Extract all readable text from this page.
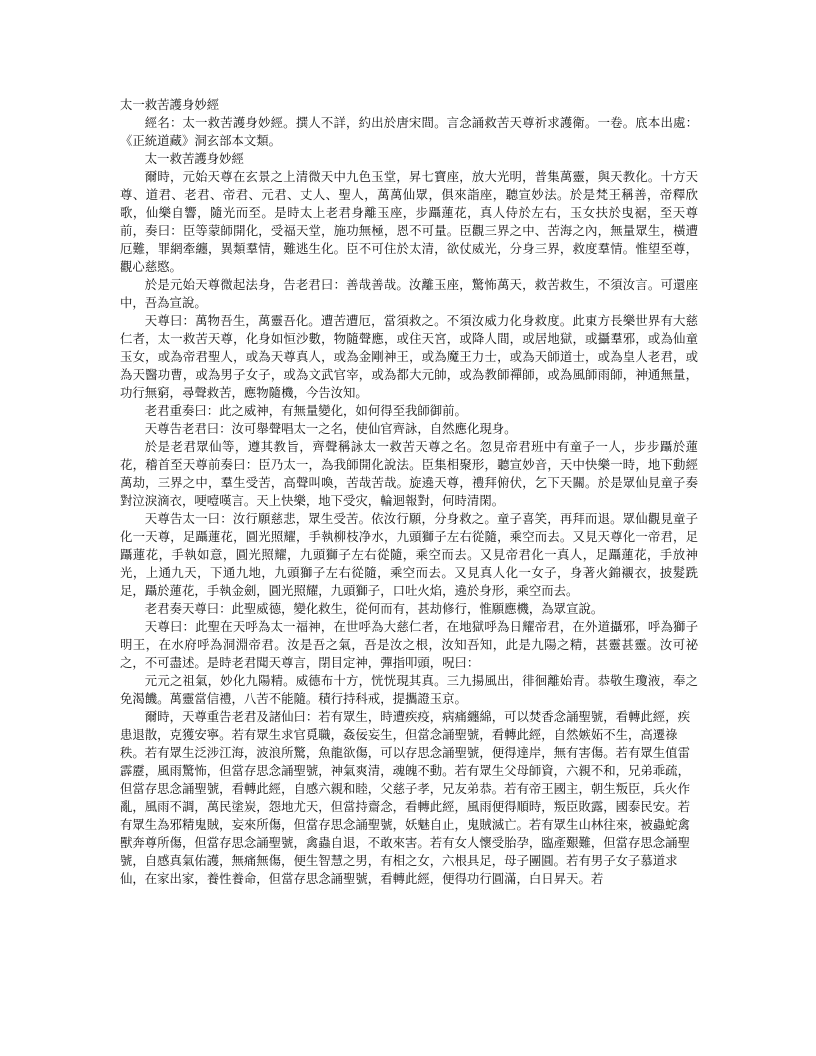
太一救苦護身妙經

經名：太一救苦護身妙經。撰人不詳，約出於唐宋間。言念誦救苦天尊祈求護衛。一卷。底本出處：《正統道藏》洞玄部本文類。

太一救苦護身妙經

爾時，元始天尊在玄景之上清微天中九色玉堂，昇七寶座，放大光明，普集萬靈，與天教化。十方天尊、道君、老君、帝君、元君、丈人、聖人，萬萬仙眾，俱來詣座，聽宣妙法。於是梵王稱善，帝釋欣歌，仙樂自響，隨光而至。是時太上老君身離玉座，步躡蓮花，真人侍於左右，玉女扶於曳裾，至天尊前，奏曰：臣等蒙師開化，受福天堂，施功無極，恩不可量。臣觀三界之中、苦海之內，無量眾生，橫遭厄難，罪網牽纏，異類羣情，難逃生化。臣不可住於太清，欲仗威光，分身三界，救度羣情。惟望至尊，觀心慈愍。

於是元始天尊微起法身，告老君曰：善哉善哉。汝離玉座，驚怖萬天，救苦救生，不須汝言。可還座中，吾為宣說。

天尊曰：萬物吾生，萬靈吾化。遭苦遭厄，當須救之。不須汝威力化身救度。此東方長樂世界有大慈仁者，太一救苦天尊，化身如恒沙數，物隨聲應，或住天宮，或降人間，或居地獄，或攝羣邪，或為仙童玉女，或為帝君聖人，或為天尊真人，或為金剛神王，或為魔王力士，或為天師道士，或為皇人老君，或為天醫功曹，或為男子女子，或為文武官宰，或為都大元帥，或為教師禪師，或為風師雨師，神通無量，功行無窮，尋聲救苦，應物隨機，今告汝知。

老君重奏曰：此之威神，有無量變化，如何得至我師御前。

天尊告老君曰：汝可舉聲唱太一之名，使仙官齊詠，自然應化現身。

於是老君眾仙等，遵其教旨，齊聲稱詠太一救苦天尊之名。忽見帝君班中有童子一人，步步躡於蓮花，稽首至天尊前奏曰：臣乃太一，為我師開化說法。臣集相聚形，聽宣妙音，天中快樂一時，地下動經萬劫，三界之中，羣生受苦，高聲叫喚，苦哉苦哉。旋遶天尊，禮拜俯伏，乞下天關。於是眾仙見童子奏對泣淚滴衣，哽噎嘆言。天上快樂，地下受灾，輪迴報對，何時清閑。

天尊告太一曰：汝行願慈悲，眾生受苦。依汝行願，分身救之。童子喜笑，再拜而退。眾仙觀見童子化一天尊，足躡蓮花，圓光照耀，手執柳枝净水，九頭獅子左右從隨，乘空而去。又見天尊化一帝君，足躡蓮花，手執如意，圓光照耀，九頭獅子左右從隨，乘空而去。又見帝君化一真人，足躡蓮花，手放神光，上通九天，下通九地，九頭獅子左右從隨，乘空而去。又見真人化一女子，身著火錦襯衣，披髮跣足，躡於蓮花，手執金劍，圓光照耀，九頭獅子，口吐火焰，遶於身形，乘空而去。

老君奏天尊曰：此聖威德，變化救生，從何而有，甚劫修行，惟願應機，為眾宣說。

天尊曰：此聖在天呼為太一福神，在世呼為大慈仁者，在地獄呼為日耀帝君，在外道攝邪，呼為獅子明王，在水府呼為洞淵帝君。汝是吾之氣，吾是汝之根，汝知吾知，此是九陽之精，甚靈甚靈。汝可祕之，不可盡述。是時老君聞天尊言，閉目定神，彈指叩頭，呪曰：

元元之祖氣，妙化九陽精。威德布十方，恍恍現其真。三九揚風出，徘徊離始青。恭敬生瓊液，奉之免渴饑。萬靈當信禮，八苦不能隨。積行持科戒，提攜證玉京。

爾時，天尊重告老君及諸仙曰：若有眾生，時遭疾疫，病痛纏綿，可以焚香念誦聖號，看轉此經，疾患退散，克獲安寧。若有眾生求官覓職，姦佞妄生，但當念誦聖號，看轉此經，自然嫉妬不生，高遷祿秩。若有眾生泛涉江海，波浪所驚，魚龍欲傷，可以存思念誦聖號，便得達岸，無有害傷。若有眾生值雷霹靂，風雨驚怖，但當存思念誦聖號，神氣爽清，魂魄不動。若有眾生父母師資，六親不和，兄弟乖疏，但當存思念誦聖號，看轉此經，自感六親和睦，父慈子孝，兄友弟恭。若有帝王國主，朝生叛臣，兵火作亂，風雨不調，萬民塗炭，怨地尤天，但當持齋念，看轉此經，風雨便得順時，叛臣敗露，國泰民安。若有眾生為邪精鬼賊，妄來所傷，但當存思念誦聖號，妖魅自止，鬼賊滅亡。若有眾生山林往來，被蟲蛇禽獸奔尊所傷，但當存思念誦聖號，禽蟲自退，不敢來害。若有女人懷受胎孕，臨產艱難，但當存思念誦聖號，自感真氣佑護，無痛無傷，便生智慧之男，有相之女，六根具足，母子團圓。若有男子女子慕道求仙，在家出家，養性養命，但當存思念誦聖號，看轉此經，便得功行圓滿，白日昇天。若
